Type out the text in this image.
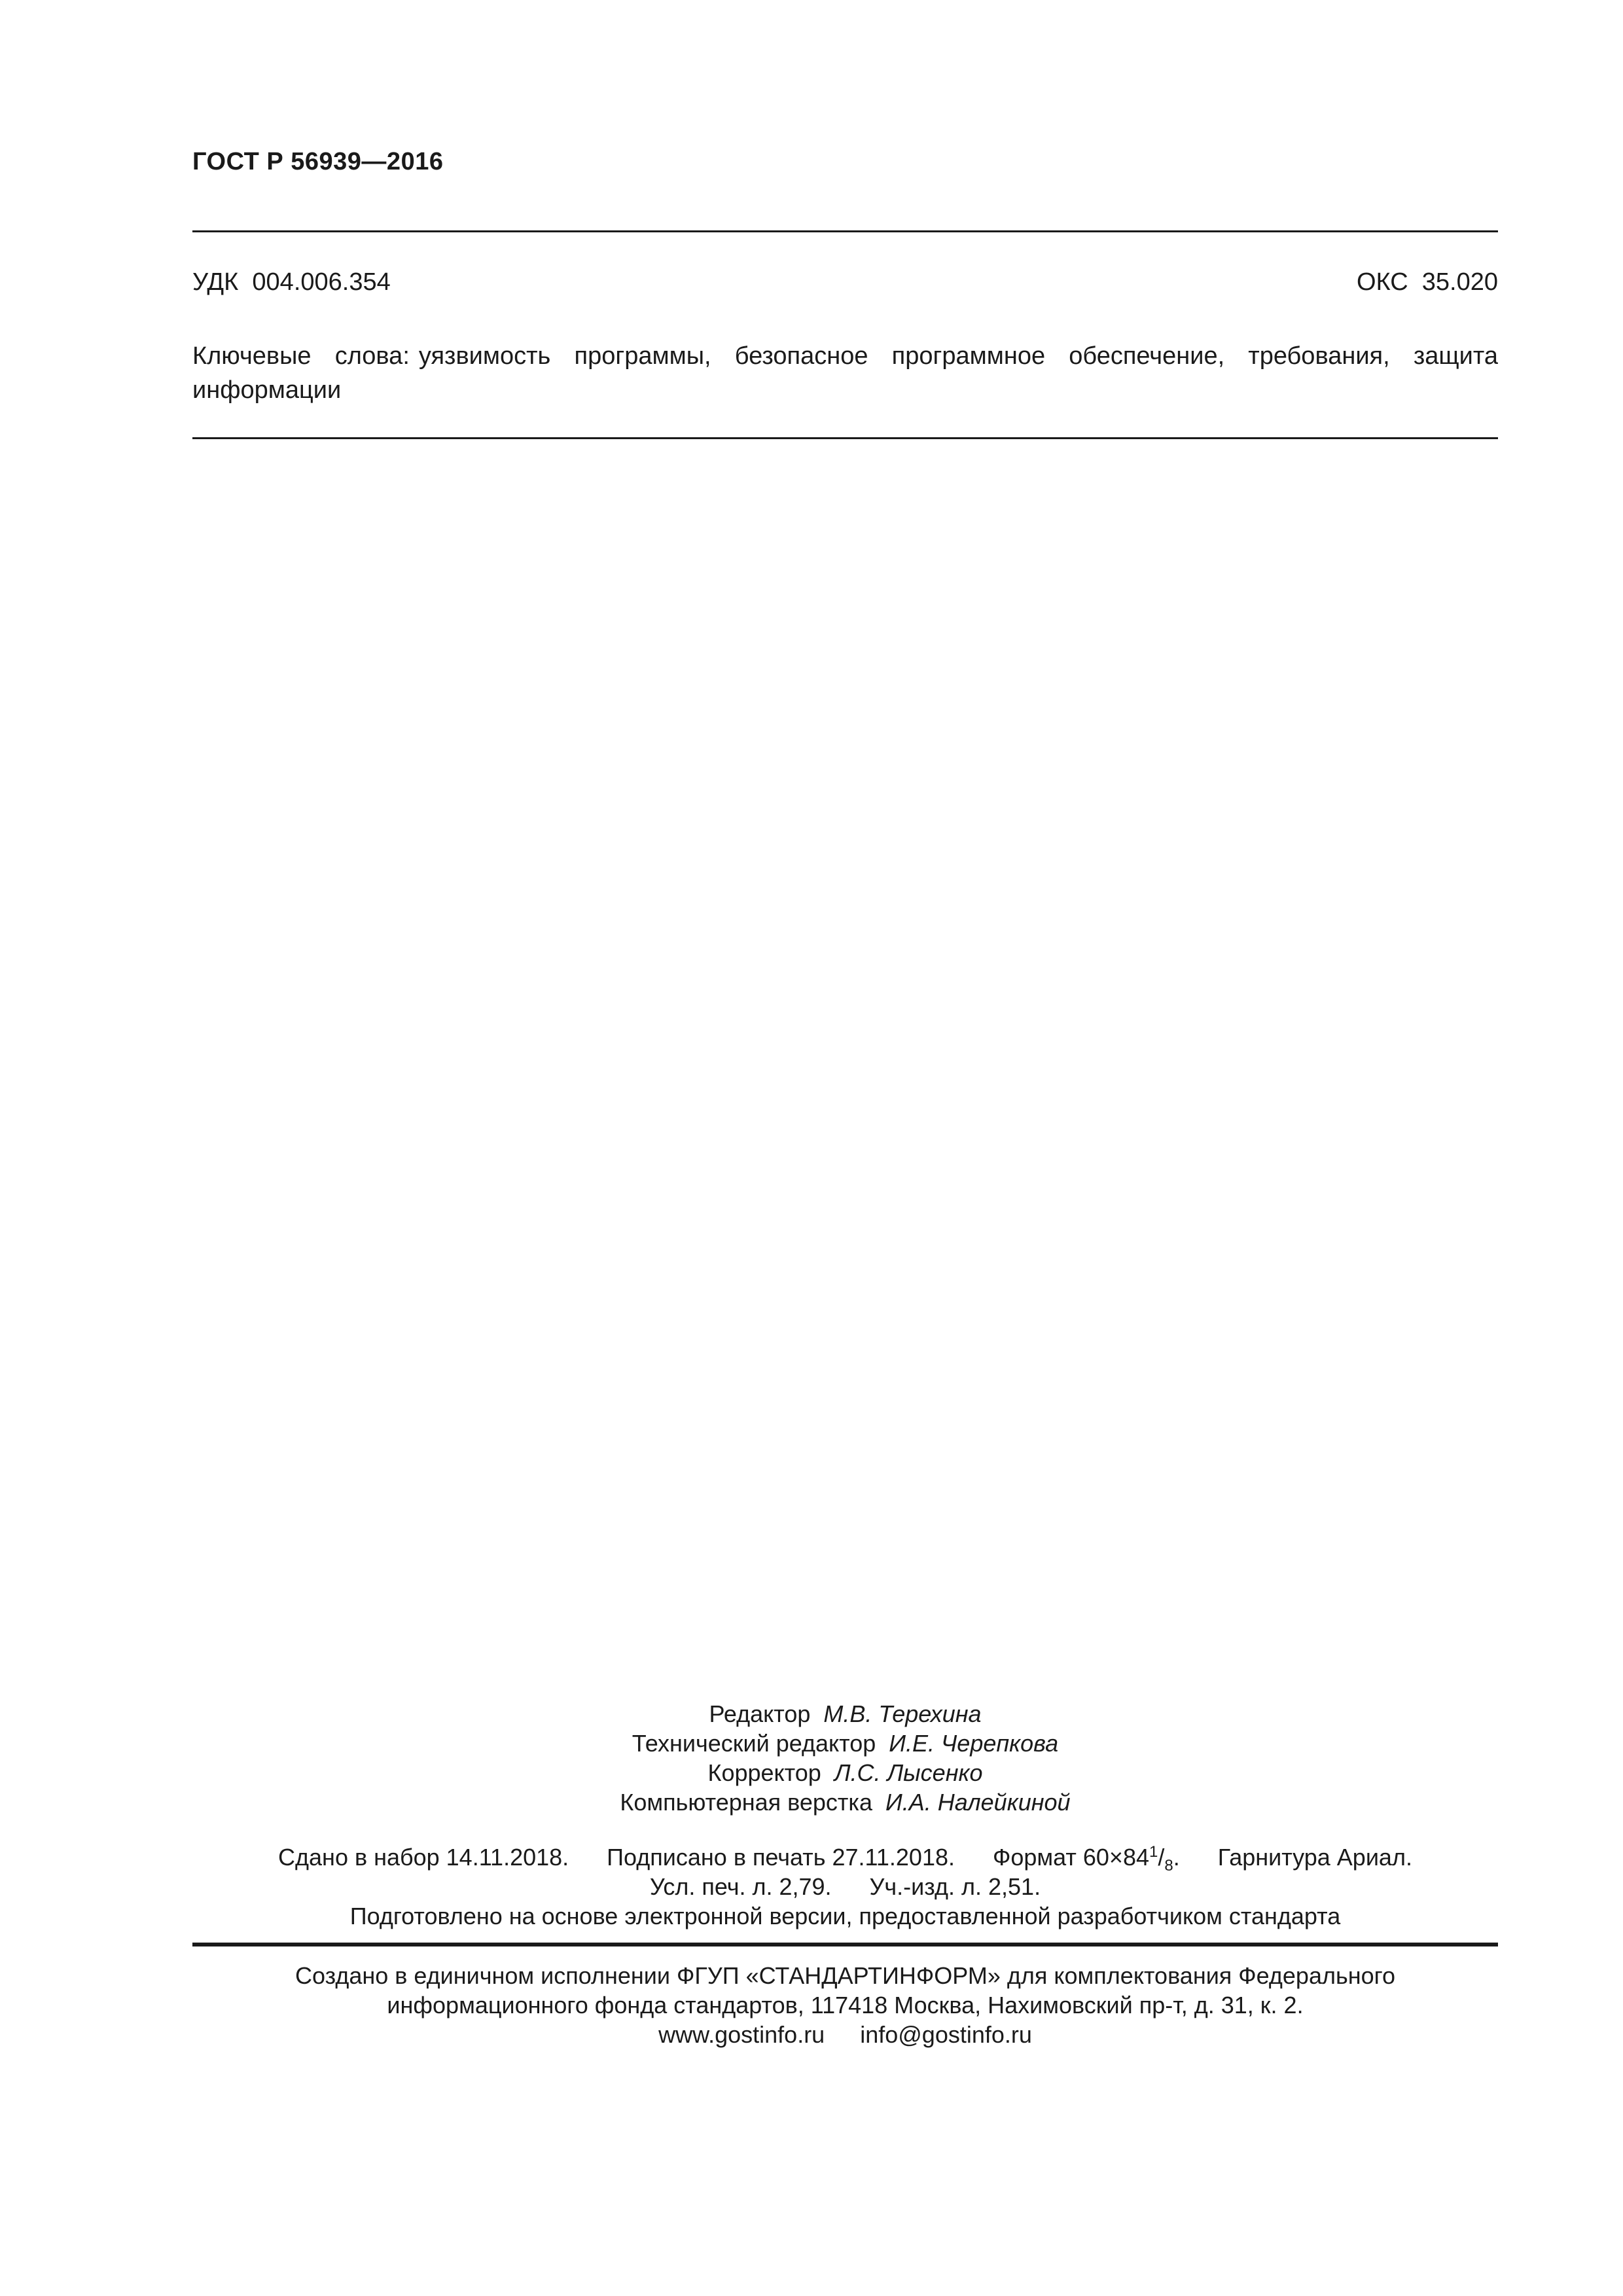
ГОСТ Р 56939—2016
УДК  004.006.354	ОКС  35.020
Ключевые слова: уязвимость программы, безопасное программное обеспечение, требования, защита информации
Редактор М.В. Терехина
Технический редактор И.Е. Черепкова
Корректор Л.С. Лысенко
Компьютерная верстка И.А. Налейкиной
Сдано в набор 14.11.2018. Подписано в печать 27.11.2018. Формат $60\times 84^1/_8$. Гарнитура Ариал.
Усл. печ. л. 2,79. Уч.-изд. л. 2,51.
Подготовлено на основе электронной версии, предоставленной разработчиком стандарта
Создано в единичном исполнении ФГУП «СТАНДАРТИНФОРМ» для комплектования Федерального
информационного фонда стандартов, 117418 Москва, Нахимовский пр-т, д. 31, к. 2.
www.gostinfo.ru info@gostinfo.ru
